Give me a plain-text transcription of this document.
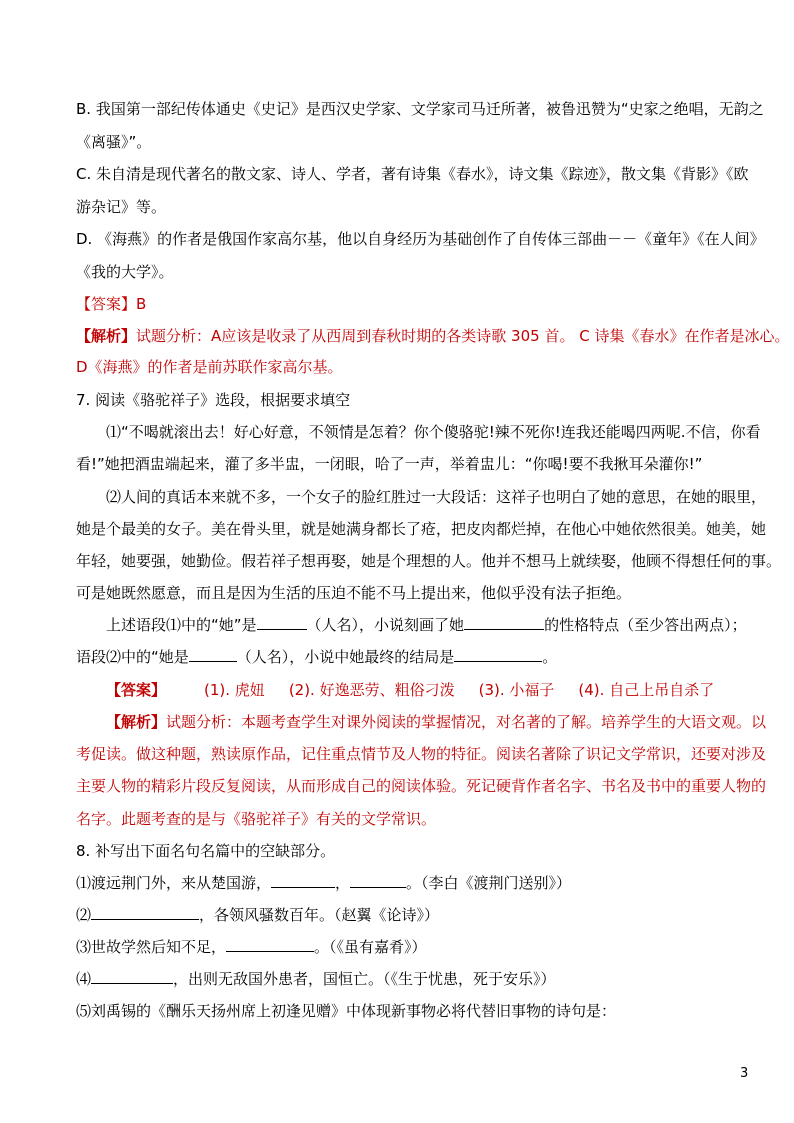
B. 我国第一部纪传体通史《史记》是西汉史学家、文学家司马迁所著，被鲁迅赞为“史家之绝唱，无韵之
《离骚》”。
C. 朱自清是现代著名的散文家、诗人、学者，著有诗集《春水》，诗文集《踪迹》，散文集《背影》《欧
游杂记》等。
D. 《海燕》的作者是俄国作家高尔基，他以自身经历为基础创作了自传体三部曲－－《童年》《在人间》
《我的大学》。
【答案】B
【解析】试题分析：A应该是收录了从西周到春秋时期的各类诗歌 305 首。 C 诗集《春水》在作者是冰心。
D《海燕》的作者是前苏联作家高尔基。
7. 阅读《骆驼祥子》选段，根据要求填空
⑴“不喝就滚出去！好心好意，不领情是怎着？你个傻骆驼!辣不死你!连我还能喝四两呢.不信，你看
看!”她把酒盅端起来，灌了多半盅，一闭眼，哈了一声，举着盅儿：“你喝!要不我揪耳朵灌你!”
⑵人间的真话本来就不多，一个女子的脸红胜过一大段话：这祥子也明白了她的意思，在她的眼里，
她是个最美的女子。美在骨头里，就是她满身都长了疮，把皮肉都烂掉，在他心中她依然很美。她美，她
年轻，她要强，她勤俭。假若祥子想再娶，她是个理想的人。他并不想马上就续娶，他顾不得想任何的事。
可是她既然愿意，而且是因为生活的压迫不能不马上提出来，他似乎没有法子拒绝。
上述语段⑴中的“她”是	（人名），小说刻画了她	的性格特点（至少答出两点）；
语段⑵中的“她是	（人名），小说中她最终的结局是	。
【答案】	(1). 虎妞 (2). 好逸恶劳、粗俗刁泼 (3). 小福子 (4). 自己上吊自杀了
【解析】试题分析：本题考查学生对课外阅读的掌握情况，对名著的了解。培养学生的大语文观。以
考促读。做这种题，熟读原作品，记住重点情节及人物的特征。阅读名著除了识记文学常识，还要对涉及
主要人物的精彩片段反复阅读，从而形成自己的阅读体验。死记硬背作者名字、书名及书中的重要人物的
名字。此题考查的是与《骆驼祥子》有关的文学常识。
8. 补写出下面名句名篇中的空缺部分。
⑴渡远荆门外，来从楚国游，	，	。（李白《渡荆门送别》）
⑵	，各领风骚数百年。（赵翼《论诗》）
⑶世故学然后知不足，	。（《虽有嘉肴》）
⑷	，出则无敌国外患者，国恒亡。（《生于忧患，死于安乐》）
⑸刘禹锡的《酬乐天扬州席上初逢见赠》中体现新事物必将代替旧事物的诗句是：
3
